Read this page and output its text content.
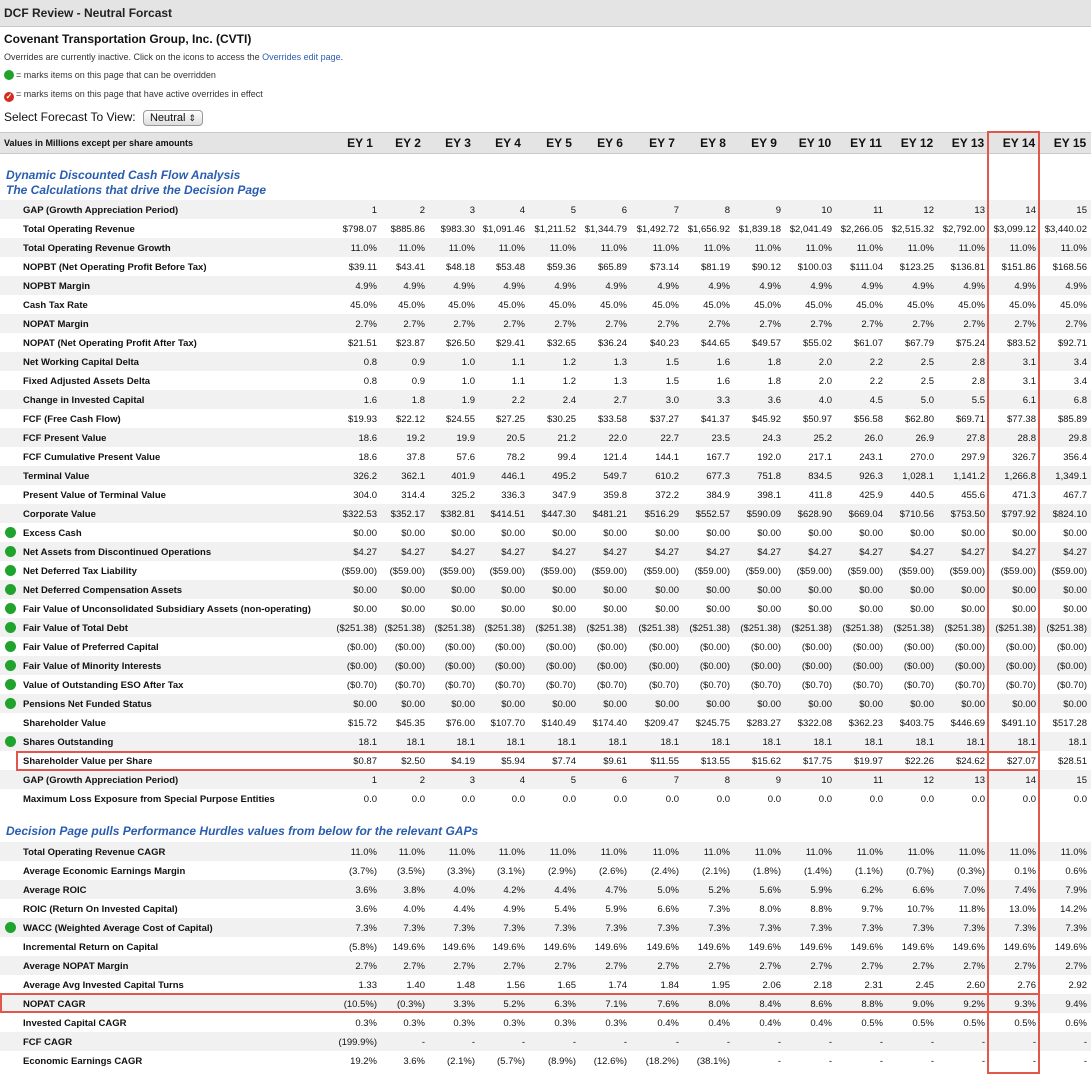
DCF Review - Neutral Forcast
Covenant Transportation Group, Inc. (CVTI)
Overrides are currently inactive. Click on the icons to access the Overrides edit page.
= marks items on this page that can be overridden
✓ = marks items on this page that have active overrides in effect
Select Forecast To View: Neutral ⇕
Values in Millions except per share amounts	EY 1	EY 2	EY 3	EY 4	EY 5	EY 6	EY 7	EY 8	EY 9	EY 10	EY 11	EY 12	EY 13	EY 14	EY 15
Dynamic Discounted Cash Flow Analysis
The Calculations that drive the Decision Page
Decision Page pulls Performance Hurdles values from below for the relevant GAPs
GAP (Growth Appreciation Period)	1	2	3	4	5	6	7	8	9	10	11	12	13	14	15
Total Operating Revenue	$798.07	$885.86	$983.30 $1,091.46 $1,211.52 $1,344.79	$1,492.72 $1,656.92 $1,839.18 $2,041.49 $2,266.05 $2,515.32 $2,792.00 $3,099.12 $3,440.02
Total Operating Revenue Growth	11.0%	11.0%	11.0%	11.0%	11.0%	11.0%	11.0%	11.0%	11.0%	11.0%	11.0%	11.0%	11.0%	11.0%	11.0%
NOPBT (Net Operating Profit Before Tax)	$39.11	$43.41	$48.18	$53.48	$59.36	$65.89	$73.14	$81.19	$90.12	$100.03	$111.04	$123.25	$136.81	$151.86	$168.56
NOPBT Margin	4.9%	4.9%	4.9%	4.9%	4.9%	4.9%	4.9%	4.9%	4.9%	4.9%	4.9%	4.9%	4.9%	4.9%	4.9%
Cash Tax Rate	45.0%	45.0%	45.0%	45.0%	45.0%	45.0%	45.0%	45.0%	45.0%	45.0%	45.0%	45.0%	45.0%	45.0%	45.0%
NOPAT Margin	2.7%	2.7%	2.7%	2.7%	2.7%	2.7%	2.7%	2.7%	2.7%	2.7%	2.7%	2.7%	2.7%	2.7%	2.7%
NOPAT (Net Operating Profit After Tax)	$21.51	$23.87	$26.50	$29.41	$32.65	$36.24	$40.23	$44.65	$49.57	$55.02	$61.07	$67.79	$75.24	$83.52	$92.71
Net Working Capital Delta	0.8	0.9	1.0	1.1	1.2	1.3	1.5	1.6	1.8	2.0	2.2	2.5	2.8	3.1	3.4
Fixed Adjusted Assets Delta	0.8	0.9	1.0	1.1	1.2	1.3	1.5	1.6	1.8	2.0	2.2	2.5	2.8	3.1	3.4
Change in Invested Capital	1.6	1.8	1.9	2.2	2.4	2.7	3.0	3.3	3.6	4.0	4.5	5.0	5.5	6.1	6.8
FCF (Free Cash Flow)	$19.93	$22.12	$24.55	$27.25	$30.25	$33.58	$37.27	$41.37	$45.92	$50.97	$56.58	$62.80	$69.71	$77.38	$85.89
FCF Present Value	18.6	19.2	19.9	20.5	21.2	22.0	22.7	23.5	24.3	25.2	26.0	26.9	27.8	28.8	29.8
FCF Cumulative Present Value	18.6	37.8	57.6	78.2	99.4	121.4	144.1	167.7	192.0	217.1	243.1	270.0	297.9	326.7	356.4
Terminal Value	326.2	362.1	401.9	446.1	495.2	549.7	610.2	677.3	751.8	834.5	926.3	1,028.1	1,141.2	1,266.8	1,349.1
Present Value of Terminal Value	304.0	314.4	325.2	336.3	347.9	359.8	372.2	384.9	398.1	411.8	425.9	440.5	455.6	471.3	467.7
Corporate Value	$322.53	$352.17	$382.81	$414.51	$447.30	$481.21	$516.29	$552.57	$590.09	$628.90	$669.04	$710.56	$753.50	$797.92	$824.10
Excess Cash	$0.00	$0.00	$0.00	$0.00	$0.00	$0.00	$0.00	$0.00	$0.00	$0.00	$0.00	$0.00	$0.00	$0.00	$0.00
Net Assets from Discontinued Operations	$4.27	$4.27	$4.27	$4.27	$4.27	$4.27	$4.27	$4.27	$4.27	$4.27	$4.27	$4.27	$4.27	$4.27	$4.27
Net Deferred Tax Liability	($59.00)	($59.00)	($59.00)	($59.00)	($59.00)	($59.00)	($59.00)	($59.00)	($59.00)	($59.00)	($59.00)	($59.00)	($59.00)	($59.00)	($59.00)
Net Deferred Compensation Assets	$0.00	$0.00	$0.00	$0.00	$0.00	$0.00	$0.00	$0.00	$0.00	$0.00	$0.00	$0.00	$0.00	$0.00	$0.00
Fair Value of Unconsolidated Subsidiary Assets (non-operating)	$0.00	$0.00	$0.00	$0.00	$0.00	$0.00	$0.00	$0.00	$0.00	$0.00	$0.00	$0.00	$0.00	$0.00	$0.00
Fair Value of Total Debt	($251.38) ($251.38) ($251.38) ($251.38)	($251.38)	($251.38)	($251.38)	($251.38)	($251.38)	($251.38)	($251.38)	($251.38)	($251.38)	($251.38)	($251.38)
Fair Value of Preferred Capital	($0.00)	($0.00)	($0.00)	($0.00)	($0.00)	($0.00)	($0.00)	($0.00)	($0.00)	($0.00)	($0.00)	($0.00)	($0.00)	($0.00)	($0.00)
Fair Value of Minority Interests	($0.00)	($0.00)	($0.00)	($0.00)	($0.00)	($0.00)	($0.00)	($0.00)	($0.00)	($0.00)	($0.00)	($0.00)	($0.00)	($0.00)	($0.00)
Value of Outstanding ESO After Tax	($0.70)	($0.70)	($0.70)	($0.70)	($0.70)	($0.70)	($0.70)	($0.70)	($0.70)	($0.70)	($0.70)	($0.70)	($0.70)	($0.70)	($0.70)
Pensions Net Funded Status	$0.00	$0.00	$0.00	$0.00	$0.00	$0.00	$0.00	$0.00	$0.00	$0.00	$0.00	$0.00	$0.00	$0.00	$0.00
Shareholder Value	$15.72	$45.35	$76.00	$107.70	$140.49	$174.40	$209.47	$245.75	$283.27	$322.08	$362.23	$403.75	$446.69	$491.10	$517.28
Shares Outstanding	18.1	18.1	18.1	18.1	18.1	18.1	18.1	18.1	18.1	18.1	18.1	18.1	18.1	18.1	18.1
Shareholder Value per Share	$0.87	$2.50	$4.19	$5.94	$7.74	$9.61	$11.55	$13.55	$15.62	$17.75	$19.97	$22.26	$24.62	$27.07	$28.51
GAP (Growth Appreciation Period)	1	2	3	4	5	6	7	8	9	10	11	12	13	14	15
Maximum Loss Exposure from Special Purpose Entities	0.0	0.0	0.0	0.0	0.0	0.0	0.0	0.0	0.0	0.0	0.0	0.0	0.0	0.0	0.0
Total Operating Revenue CAGR	11.0%	11.0%	11.0%	11.0%	11.0%	11.0%	11.0%	11.0%	11.0%	11.0%	11.0%	11.0%	11.0%	11.0%	11.0%
Average Economic Earnings Margin	(3.7%)	(3.5%)	(3.3%)	(3.1%)	(2.9%)	(2.6%)	(2.4%)	(2.1%)	(1.8%)	(1.4%)	(1.1%)	(0.7%)	(0.3%)	0.1%	0.6%
Average ROIC	3.6%	3.8%	4.0%	4.2%	4.4%	4.7%	5.0%	5.2%	5.6%	5.9%	6.2%	6.6%	7.0%	7.4%	7.9%
ROIC (Return On Invested Capital)	3.6%	4.0%	4.4%	4.9%	5.4%	5.9%	6.6%	7.3%	8.0%	8.8%	9.7%	10.7%	11.8%	13.0%	14.2%
WACC (Weighted Average Cost of Capital)	7.3%	7.3%	7.3%	7.3%	7.3%	7.3%	7.3%	7.3%	7.3%	7.3%	7.3%	7.3%	7.3%	7.3%	7.3%
Incremental Return on Capital	(5.8%)	149.6%	149.6%	149.6%	149.6%	149.6%	149.6%	149.6%	149.6%	149.6%	149.6%	149.6%	149.6%	149.6%	149.6%
Average NOPAT Margin	2.7%	2.7%	2.7%	2.7%	2.7%	2.7%	2.7%	2.7%	2.7%	2.7%	2.7%	2.7%	2.7%	2.7%	2.7%
Average Avg Invested Capital Turns	1.33	1.40	1.48	1.56	1.65	1.74	1.84	1.95	2.06	2.18	2.31	2.45	2.60	2.76	2.92
NOPAT CAGR	(10.5%)	(0.3%)	3.3%	5.2%	6.3%	7.1%	7.6%	8.0%	8.4%	8.6%	8.8%	9.0%	9.2%	9.3%	9.4%
Invested Capital CAGR	0.3%	0.3%	0.3%	0.3%	0.3%	0.3%	0.4%	0.4%	0.4%	0.4%	0.5%	0.5%	0.5%	0.5%	0.6%
FCF CAGR	(199.9%)	-	-	-	-	-	-	-	-	-	-	-	-	-	-
Economic Earnings CAGR	19.2%	3.6%	(2.1%)	(5.7%)	(8.9%)	(12.6%)	(18.2%)	(38.1%)	-	-	-	-	-	-	-
